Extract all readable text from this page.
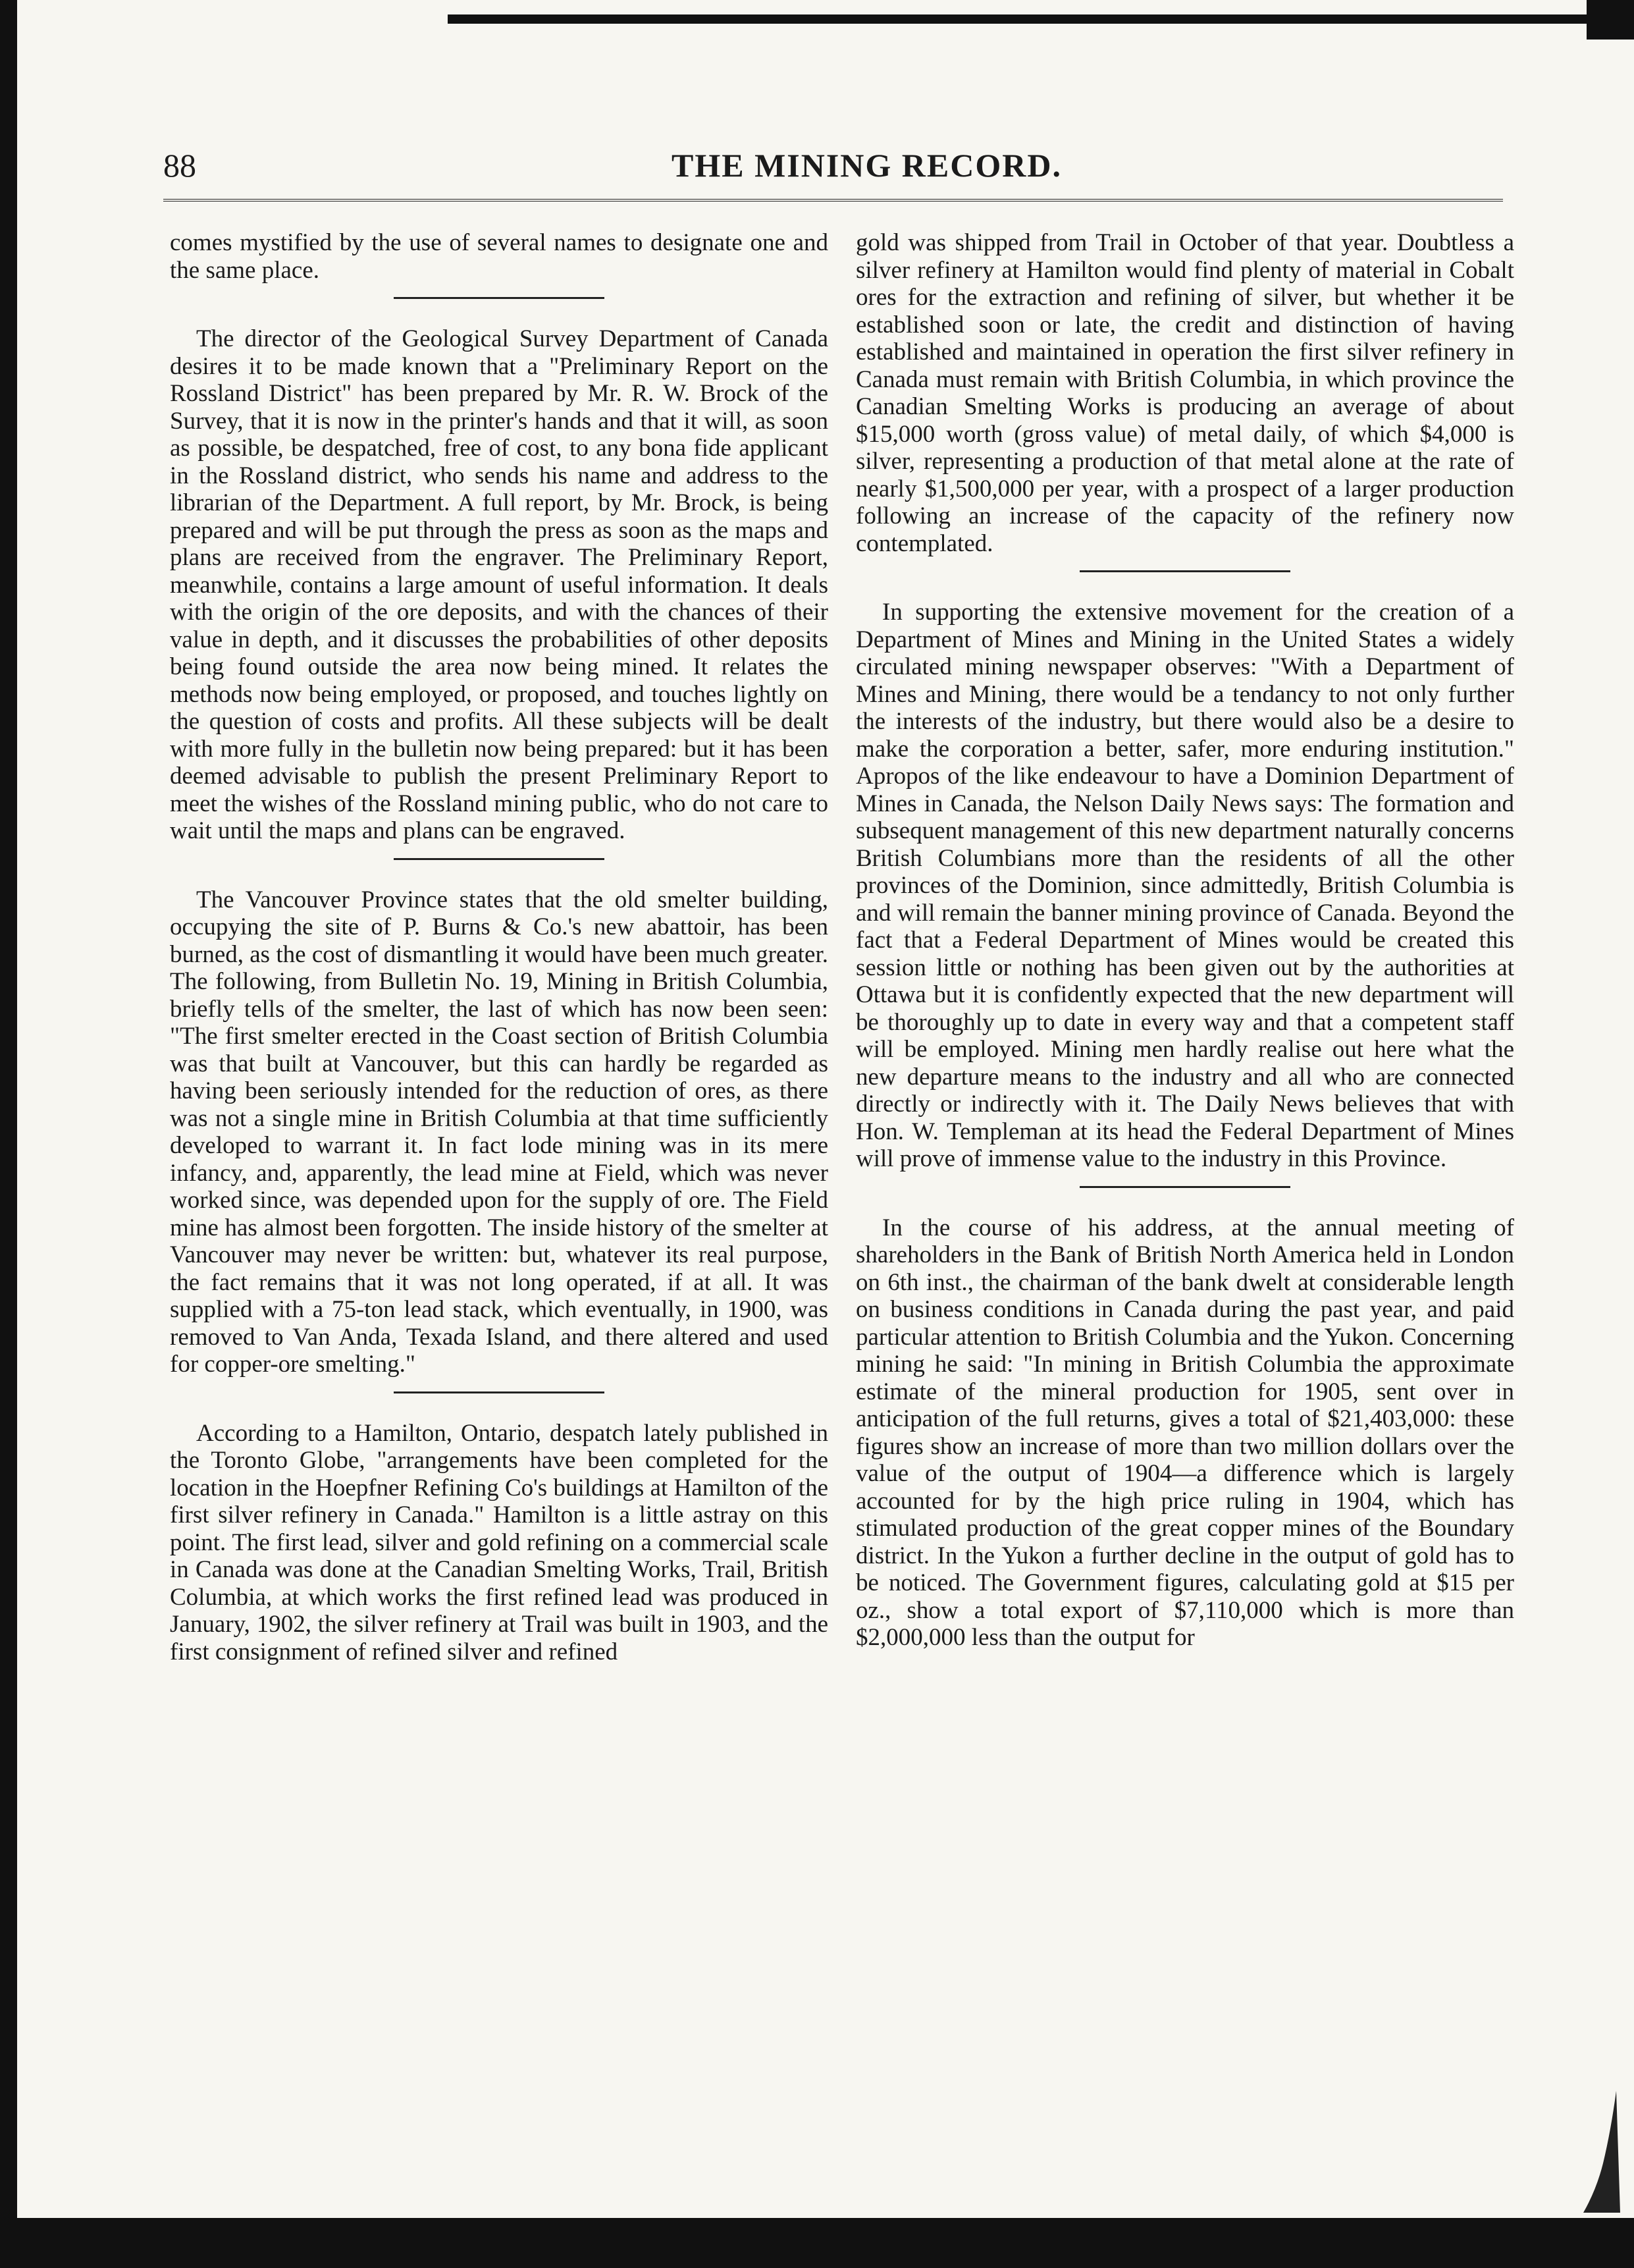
88	THE MINING RECORD.

comes mystified by the use of several names to designate one and the same place.

The director of the Geological Survey Department of Canada desires it to be made known that a "Preliminary Report on the Rossland District" has been prepared by Mr. R. W. Brock of the Survey, that it is now in the printer's hands and that it will, as soon as possible, be despatched, free of cost, to any bona fide applicant in the Rossland district, who sends his name and address to the librarian of the Department. A full report, by Mr. Brock, is being prepared and will be put through the press as soon as the maps and plans are received from the engraver. The Preliminary Report, meanwhile, contains a large amount of useful information. It deals with the origin of the ore deposits, and with the chances of their value in depth, and it discusses the probabilities of other deposits being found outside the area now being mined. It relates the methods now being employed, or proposed, and touches lightly on the question of costs and profits. All these subjects will be dealt with more fully in the bulletin now being prepared: but it has been deemed advisable to publish the present Preliminary Report to meet the wishes of the Rossland mining public, who do not care to wait until the maps and plans can be engraved.

The Vancouver Province states that the old smelter building, occupying the site of P. Burns & Co.'s new abattoir, has been burned, as the cost of dismantling it would have been much greater. The following, from Bulletin No. 19, Mining in British Columbia, briefly tells of the smelter, the last of which has now been seen: "The first smelter erected in the Coast section of British Columbia was that built at Vancouver, but this can hardly be regarded as having been seriously intended for the reduction of ores, as there was not a single mine in British Columbia at that time sufficiently developed to warrant it. In fact lode mining was in its mere infancy, and, apparently, the lead mine at Field, which was never worked since, was depended upon for the supply of ore. The Field mine has almost been forgotten. The inside history of the smelter at Vancouver may never be written: but, whatever its real purpose, the fact remains that it was not long operated, if at all. It was supplied with a 75-ton lead stack, which eventually, in 1900, was removed to Van Anda, Texada Island, and there altered and used for copper-ore smelting."

According to a Hamilton, Ontario, despatch lately published in the Toronto Globe, "arrangements have been completed for the location in the Hoepfner Refining Co's buildings at Hamilton of the first silver refinery in Canada." Hamilton is a little astray on this point. The first lead, silver and gold refining on a commercial scale in Canada was done at the Canadian Smelting Works, Trail, British Columbia, at which works the first refined lead was produced in January, 1902, the silver refinery at Trail was built in 1903, and the first consignment of refined silver and refined

gold was shipped from Trail in October of that year. Doubtless a silver refinery at Hamilton would find plenty of material in Cobalt ores for the extraction and refining of silver, but whether it be established soon or late, the credit and distinction of having established and maintained in operation the first silver refinery in Canada must remain with British Columbia, in which province the Canadian Smelting Works is producing an average of about $15,000 worth (gross value) of metal daily, of which $4,000 is silver, representing a production of that metal alone at the rate of nearly $1,500,000 per year, with a prospect of a larger production following an increase of the capacity of the refinery now contemplated.

In supporting the extensive movement for the creation of a Department of Mines and Mining in the United States a widely circulated mining newspaper observes: "With a Department of Mines and Mining, there would be a tendancy to not only further the interests of the industry, but there would also be a desire to make the corporation a better, safer, more enduring institution." Apropos of the like endeavour to have a Dominion Department of Mines in Canada, the Nelson Daily News says: The formation and subsequent management of this new department naturally concerns British Columbians more than the residents of all the other provinces of the Dominion, since admittedly, British Columbia is and will remain the banner mining province of Canada. Beyond the fact that a Federal Department of Mines would be created this session little or nothing has been given out by the authorities at Ottawa but it is confidently expected that the new department will be thoroughly up to date in every way and that a competent staff will be employed. Mining men hardly realise out here what the new departure means to the industry and all who are connected directly or indirectly with it. The Daily News believes that with Hon. W. Templeman at its head the Federal Department of Mines will prove of immense value to the industry in this Province.

In the course of his address, at the annual meeting of shareholders in the Bank of British North America held in London on 6th inst., the chairman of the bank dwelt at considerable length on business conditions in Canada during the past year, and paid particular attention to British Columbia and the Yukon. Concerning mining he said: "In mining in British Columbia the approximate estimate of the mineral production for 1905, sent over in anticipation of the full returns, gives a total of $21,403,000: these figures show an increase of more than two million dollars over the value of the output of 1904—a difference which is largely accounted for by the high price ruling in 1904, which has stimulated production of the great copper mines of the Boundary district. In the Yukon a further decline in the output of gold has to be noticed. The Government figures, calculating gold at $15 per oz., show a total export of $7,110,000 which is more than $2,000,000 less than the output for
